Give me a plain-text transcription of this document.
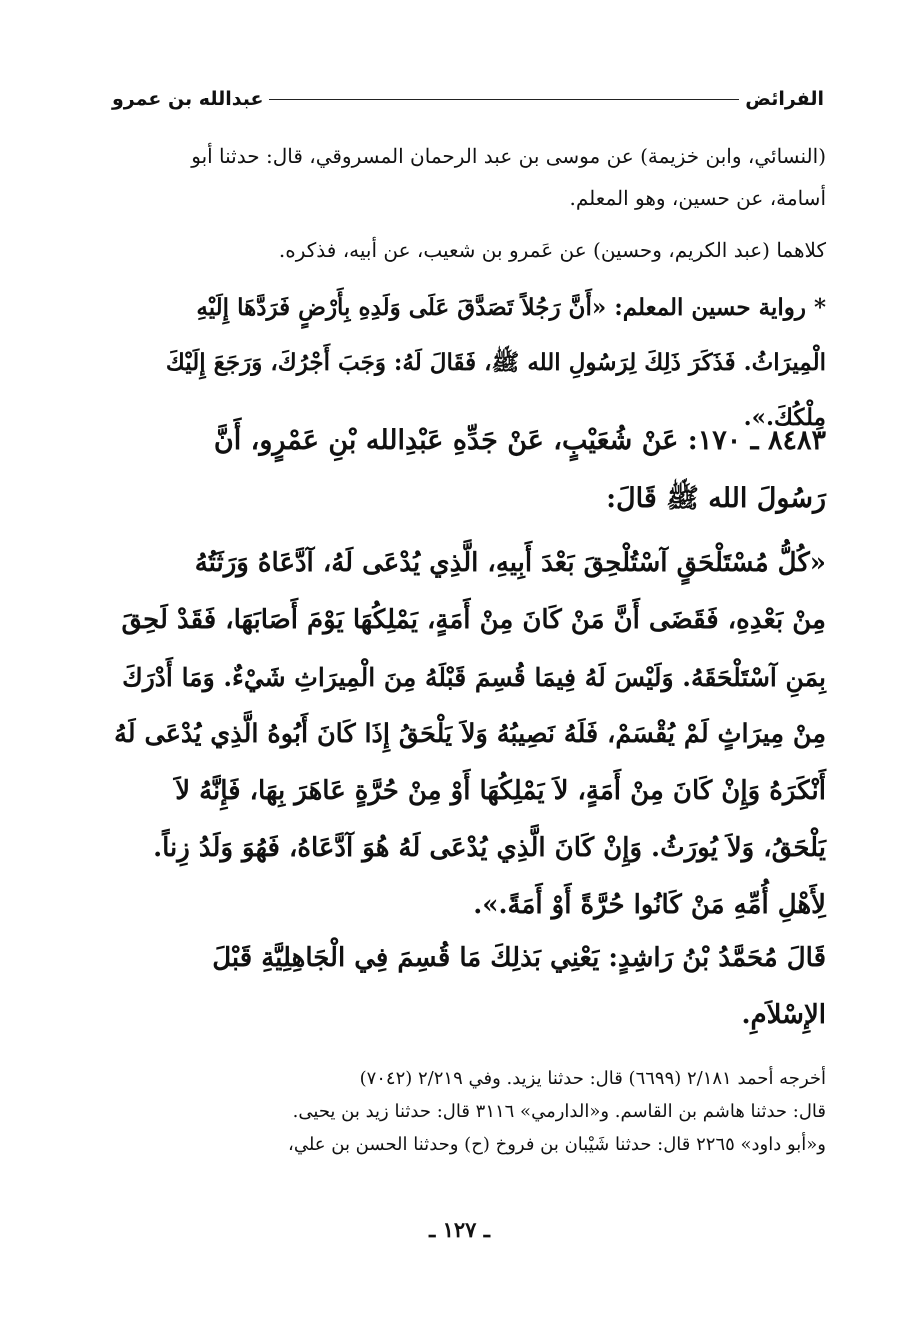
الفرائض
عبدالله بن عمرو
(النسائي، وابن خزيمة) عن موسى بن عبد الرحمان المسروقي، قال: حدثنا أبو
أسامة، عن حسين، وهو المعلم.
كلاهما (عبد الكريم، وحسين) عن عَمرو بن شعيب، عن أبيه، فذكره.
* رواية حسين المعلم: «أَنَّ رَجُلاً تَصَدَّقَ عَلَى وَلَدِهِ بِأَرْضٍ فَرَدَّهَا إِلَيْهِ
الْمِيرَاثُ. فَذَكَرَ ذَلِكَ لِرَسُولِ الله ﷺ، فَقَالَ لَهُ: وَجَبَ أَجْرُكَ، وَرَجَعَ إِلَيْكَ
مِلْكُكَ.».
٨٤٨٣ ـ ١٧٠: عَنْ شُعَيْبٍ، عَنْ جَدِّهِ عَبْدِالله بْنِ عَمْرٍو، أَنَّ
رَسُولَ الله ﷺ قَالَ:
«كُلُّ مُسْتَلْحَقٍ آسْتُلْحِقَ بَعْدَ أَبِيهِ، الَّذِي يُدْعَى لَهُ، آدَّعَاهُ وَرَثَتُهُ
مِنْ بَعْدِهِ، فَقَضَى أَنَّ مَنْ كَانَ مِنْ أَمَةٍ، يَمْلِكُهَا يَوْمَ أَصَابَهَا، فَقَدْ لَحِقَ
بِمَنِ آسْتَلْحَقَهُ. وَلَيْسَ لَهُ فِيمَا قُسِمَ قَبْلَهُ مِنَ الْمِيرَاثِ شَيْءٌ. وَمَا أَدْرَكَ
مِنْ مِيرَاثٍ لَمْ يُقْسَمْ، فَلَهُ نَصِيبُهُ وَلاَ يَلْحَقُ إِذَا كَانَ أَبُوهُ الَّذِي يُدْعَى لَهُ
أَنْكَرَهُ وَإِنْ كَانَ مِنْ أَمَةٍ، لاَ يَمْلِكُهَا أَوْ مِنْ حُرَّةٍ عَاهَرَ بِهَا، فَإِنَّهُ لاَ
يَلْحَقُ، وَلاَ يُورَثُ. وَإِنْ كَانَ الَّذِي يُدْعَى لَهُ هُوَ آدَّعَاهُ، فَهُوَ وَلَدُ زِناً.
لِأَهْلِ أُمِّهِ مَنْ كَانُوا حُرَّةً أَوْ أَمَةً.».
قَالَ مُحَمَّدُ بْنُ رَاشِدٍ: يَعْنِي بَذلِكَ مَا قُسِمَ فِي الْجَاهِلِيَّةِ قَبْلَ
الإِسْلاَمِ.
أخرجه أحمد ٢/١٨١ (٦٦٩٩) قال: حدثنا يزيد. وفي ٢/٢١٩ (٧٠٤٢)
قال: حدثنا هاشم بن القاسم. و«الدارمي» ٣١١٦ قال: حدثنا زيد بن يحيى.
و«أبو داود» ٢٢٦٥ قال: حدثنا شَيْبان بن فروخ (ح) وحدثنا الحسن بن علي،
ـ ١٢٧ ـ
